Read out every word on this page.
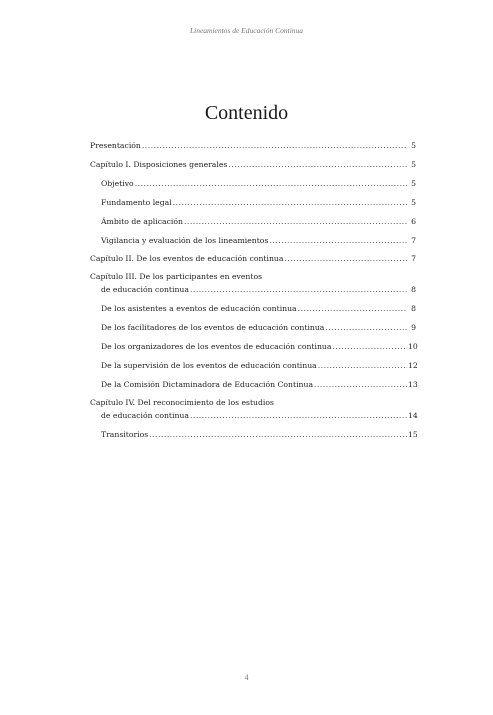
Lineamientos de Educación Continua
Contenido
Presentación .....	5
Capítulo I. Disposiciones generales .....	5
Objetivo .....	5
Fundamento legal .....	5
Ámbito de aplicación .....	6
Vigilancia y evaluación de los lineamientos .....	7
Capítulo II. De los eventos de educación continua .....	7
Capítulo III. De los participantes en eventos
de educación continua .....	8
De los asistentes a eventos de educación continua .....	8
De los facilitadores de los eventos de educación continua .....	9
De los organizadores de los eventos de educación continua .....	10
De la supervisión de los eventos de educación continua .....	12
De la Comisión Dictaminadora de Educación Continua .....	13
Capítulo IV. Del reconocimiento de los estudios
de educación continua .....	14
Transitorios .....	15
4
